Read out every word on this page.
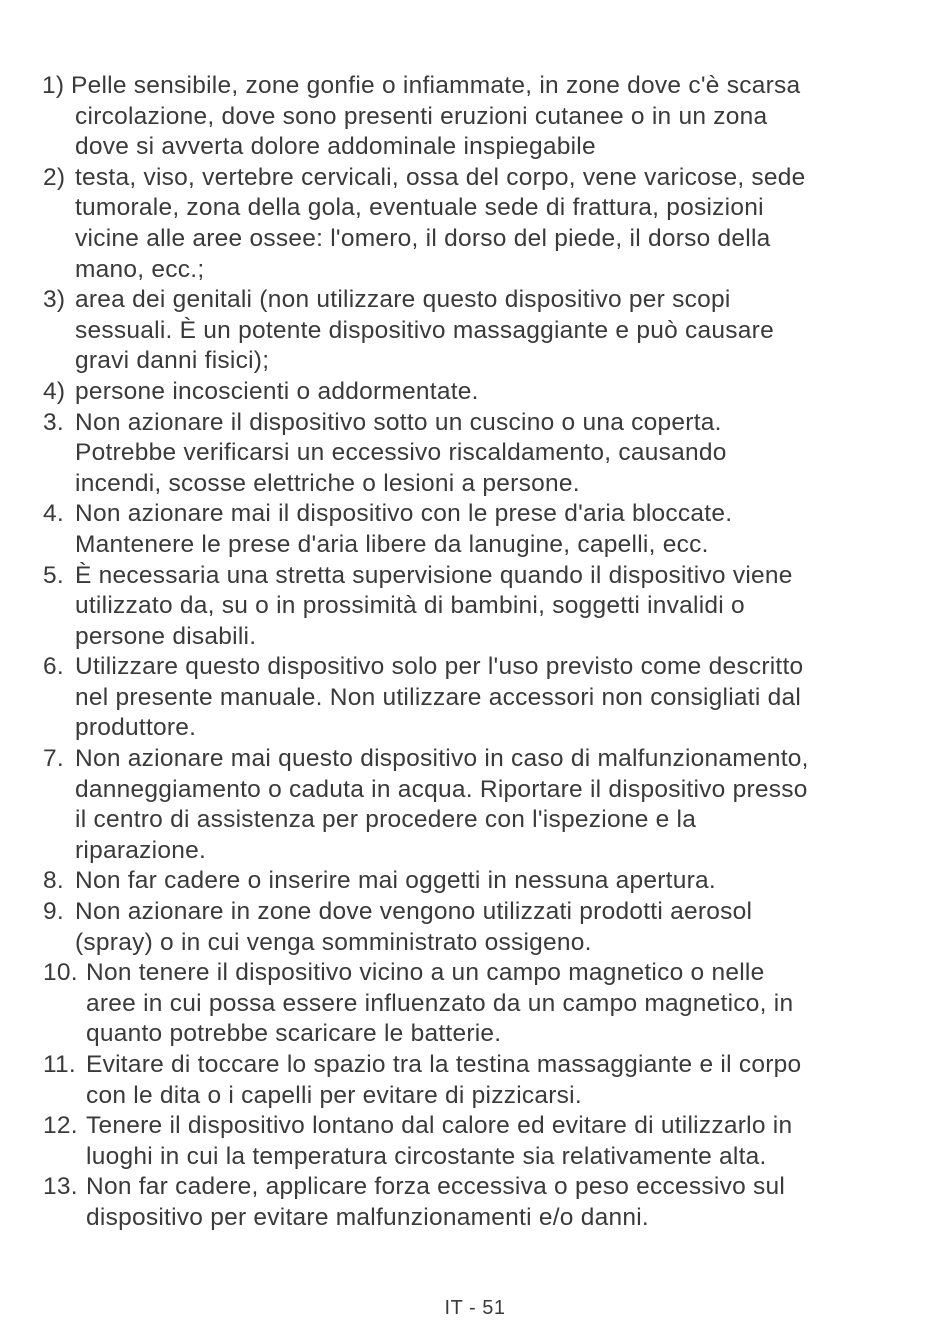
1) Pelle sensibile, zone gonfie o infiammate, in zone dove c'è scarsa
circolazione, dove sono presenti eruzioni cutanee o in un zona
dove si avverta dolore addominale inspiegabile
2) testa, viso, vertebre cervicali, ossa del corpo, vene varicose, sede
tumorale, zona della gola, eventuale sede di frattura, posizioni
vicine alle aree ossee: l'omero, il dorso del piede, il dorso della
mano, ecc.;
3) area dei genitali (non utilizzare questo dispositivo per scopi
sessuali. È un potente dispositivo massaggiante e può causare
gravi danni fisici);
4) persone incoscienti o addormentate.
3. Non azionare il dispositivo sotto un cuscino o una coperta.
Potrebbe verificarsi un eccessivo riscaldamento, causando
incendi, scosse elettriche o lesioni a persone.
4. Non azionare mai il dispositivo con le prese d'aria bloccate.
Mantenere le prese d'aria libere da lanugine, capelli, ecc.
5. È necessaria una stretta supervisione quando il dispositivo viene
utilizzato da, su o in prossimità di bambini, soggetti invalidi o
persone disabili.
6. Utilizzare questo dispositivo solo per l'uso previsto come descritto
nel presente manuale. Non utilizzare accessori non consigliati dal
produttore.
7. Non azionare mai questo dispositivo in caso di malfunzionamento,
danneggiamento o caduta in acqua. Riportare il dispositivo presso
il centro di assistenza per procedere con l'ispezione e la
riparazione.
8. Non far cadere o inserire mai oggetti in nessuna apertura.
9. Non azionare in zone dove vengono utilizzati prodotti aerosol
(spray) o in cui venga somministrato ossigeno.
10. Non tenere il dispositivo vicino a un campo magnetico o nelle
aree in cui possa essere influenzato da un campo magnetico, in
quanto potrebbe scaricare le batterie.
11. Evitare di toccare lo spazio tra la testina massaggiante e il corpo
con le dita o i capelli per evitare di pizzicarsi.
12. Tenere il dispositivo lontano dal calore ed evitare di utilizzarlo in
luoghi in cui la temperatura circostante sia relativamente alta.
13. Non far cadere, applicare forza eccessiva o peso eccessivo sul
dispositivo per evitare malfunzionamenti e/o danni.
IT - 51
